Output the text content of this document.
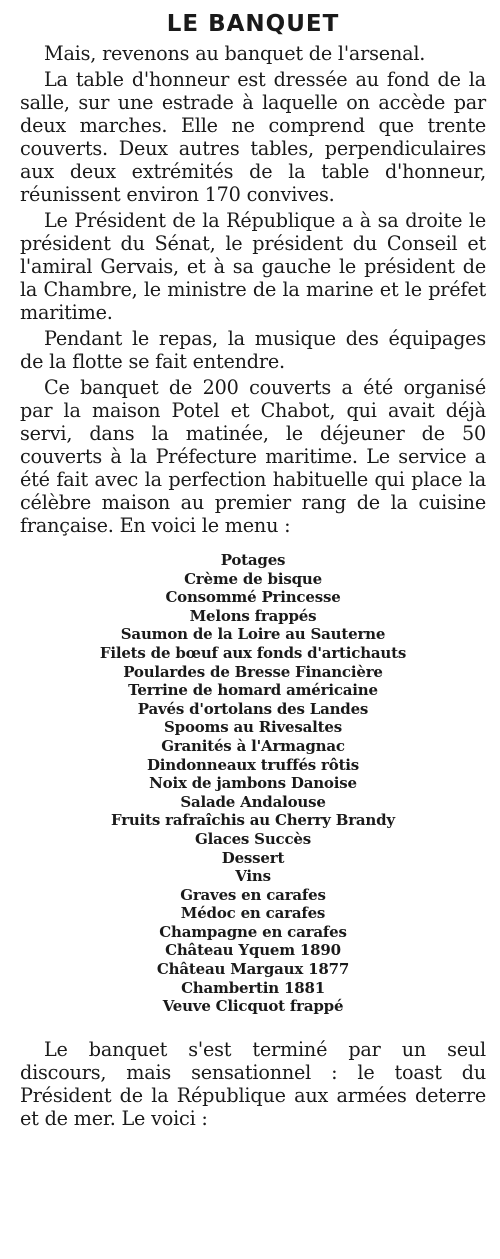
LE BANQUET

Mais, revenons au banquet de l'arsenal.

La table d'honneur est dressée au fond de la salle, sur une estrade à laquelle on accède par deux marches. Elle ne comprend que trente couverts. Deux autres tables, perpendiculaires aux deux extrémités de la table d'honneur, réunissent environ 170 convives.

Le Président de la République a à sa droite le président du Sénat, le président du Conseil et l'amiral Gervais, et à sa gauche le président de la Chambre, le ministre de la marine et le préfet maritime.

Pendant le repas, la musique des équipages de la flotte se fait entendre.

Ce banquet de 200 couverts a été organisé par la maison Potel et Chabot, qui avait déjà servi, dans la matinée, le déjeuner de 50 couverts à la Préfecture maritime. Le service a été fait avec la perfection habituelle qui place la célèbre maison au premier rang de la cuisine française. En voici le menu :

Potages
Crème de bisque
Consommé Princesse
Melons frappés
Saumon de la Loire au Sauterne
Filets de bœuf aux fonds d'artichauts
Poulardes de Bresse Financière
Terrine de homard américaine
Pavés d'ortolans des Landes
Spooms au Rivesaltes
Granités à l'Armagnac
Dindonneaux truffés rôtis
Noix de jambons Danoise
Salade Andalouse
Fruits rafraîchis au Cherry Brandy
Glaces Succès
Dessert
Vins
Graves en carafes
Médoc en carafes
Champagne en carafes
Château Yquem 1890
Château Margaux 1877
Chambertin 1881
Veuve Clicquot frappé

Le banquet s'est terminé par un seul discours, mais sensationnel : le toast du Président de la République aux armées deterre et de mer. Le voici :
